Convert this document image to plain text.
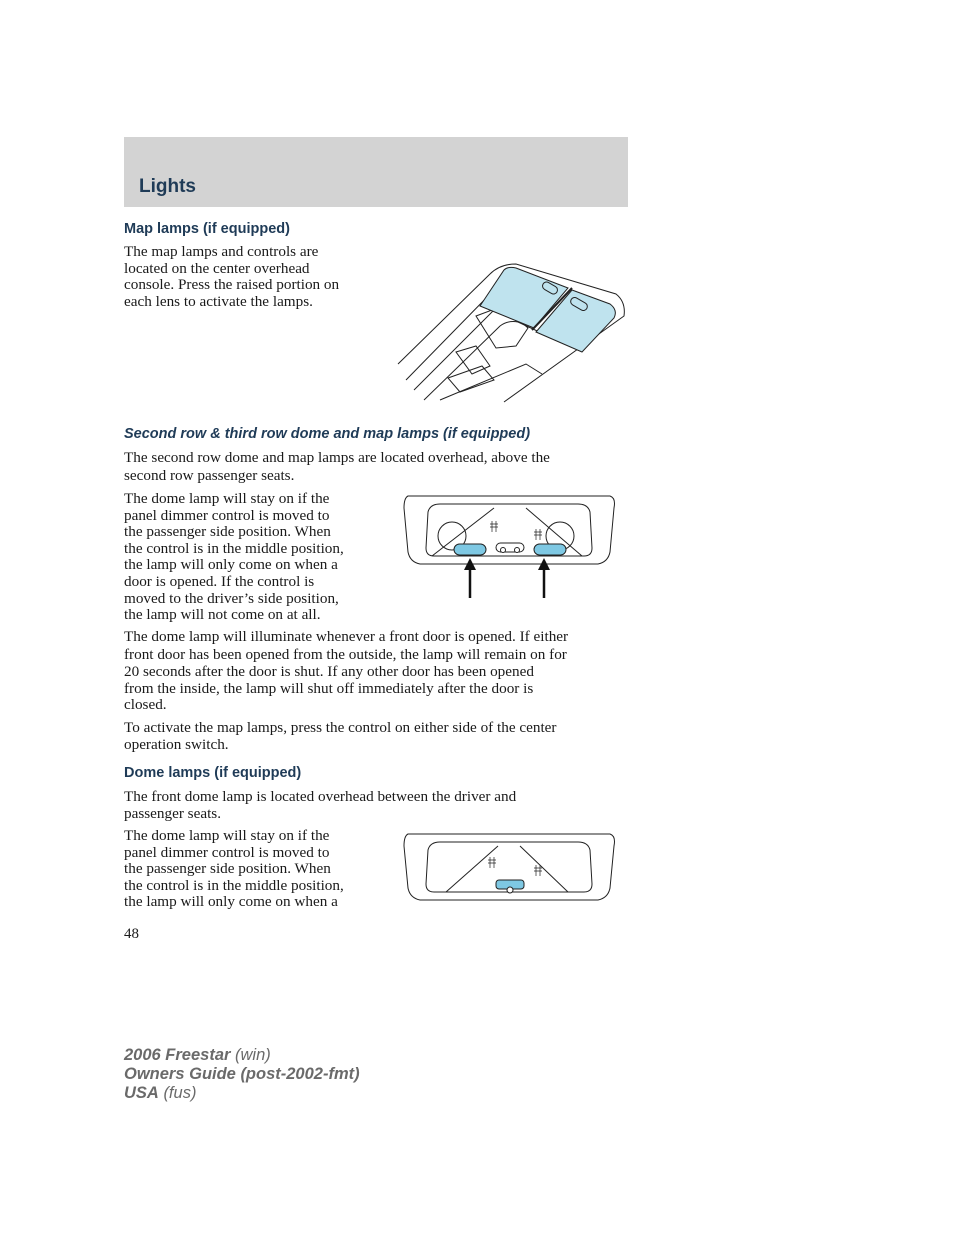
Lights
Map lamps (if equipped)
The map lamps and controls are
located on the center overhead
console. Press the raised portion on
each lens to activate the lamps.
Second row & third row dome and map lamps (if equipped)
The second row dome and map lamps are located overhead, above the
second row passenger seats.
The dome lamp will stay on if the
panel dimmer control is moved to
the passenger side position. When
the control is in the middle position,
the lamp will only come on when a
door is opened. If the control is
moved to the driver’s side position,
the lamp will not come on at all.
The dome lamp will illuminate whenever a front door is opened. If either
front door has been opened from the outside, the lamp will remain on for
20 seconds after the door is shut. If any other door has been opened
from the inside, the lamp will shut off immediately after the door is
closed.
To activate the map lamps, press the control on either side of the center
operation switch.
Dome lamps (if equipped)
The front dome lamp is located overhead between the driver and
passenger seats.
The dome lamp will stay on if the
panel dimmer control is moved to
the passenger side position. When
the control is in the middle position,
the lamp will only come on when a
48
2006 Freestar (win)
Owners Guide (post-2002-fmt)
USA (fus)
